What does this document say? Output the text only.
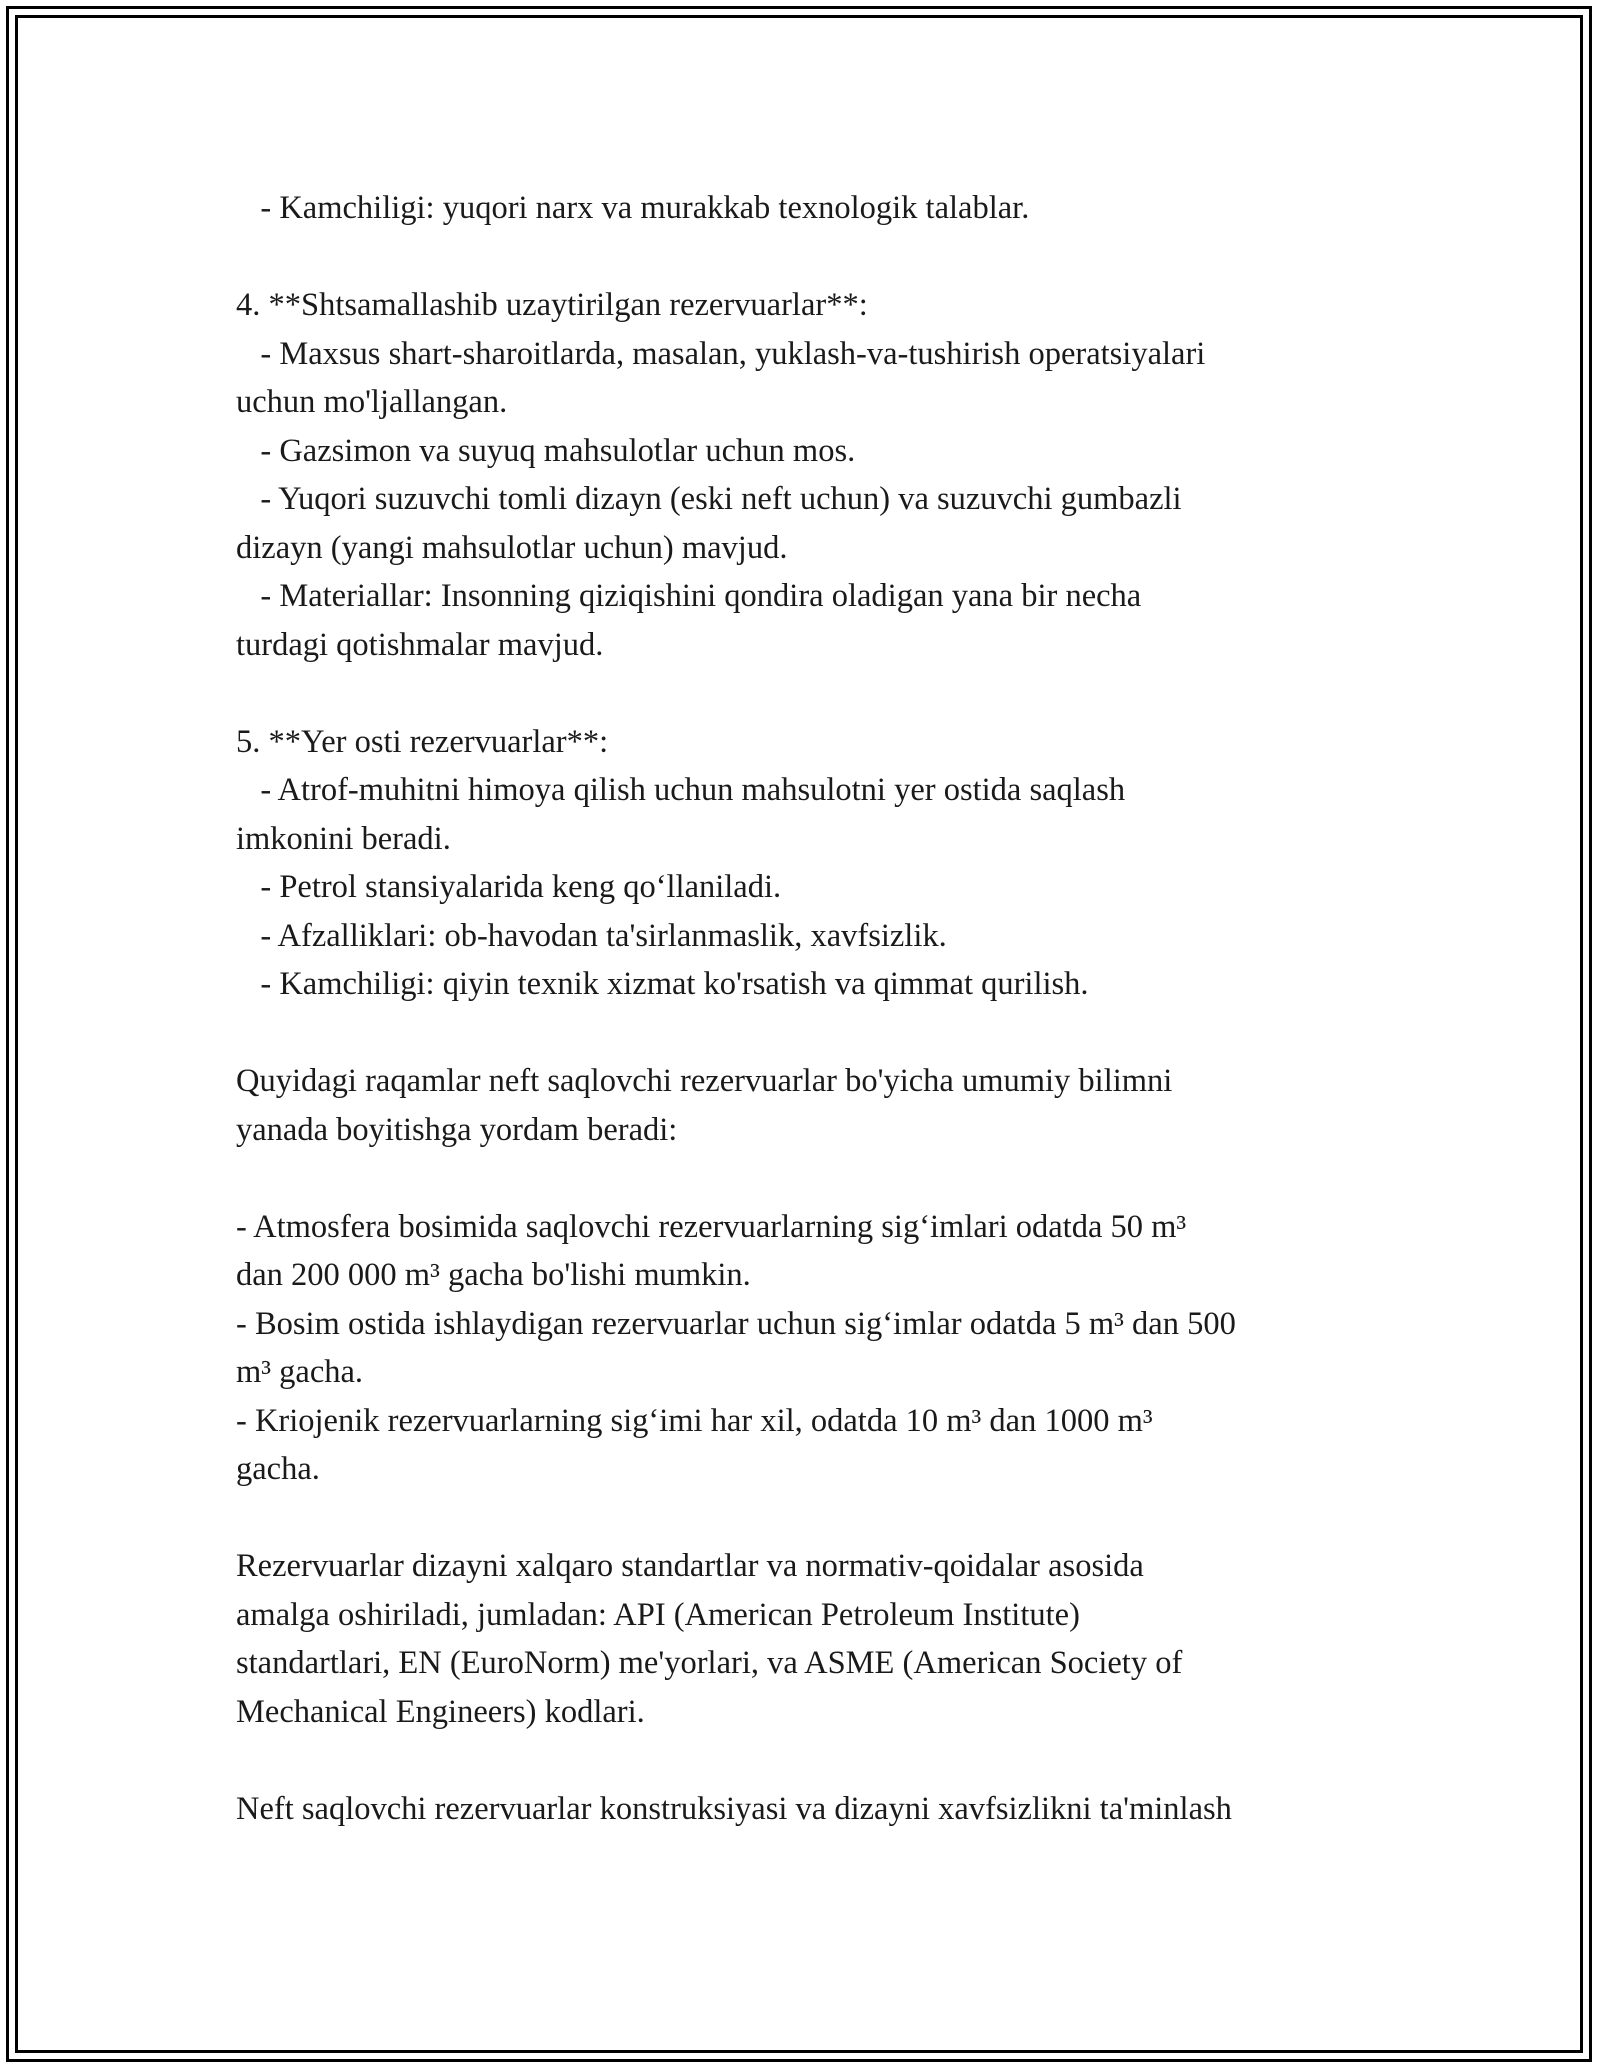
- Kamchiligi: yuqori narx va murakkab texnologik talablar.
4. **Shtsamallashib uzaytirilgan rezervuarlar**:
- Maxsus shart-sharoitlarda, masalan, yuklash-va-tushirish operatsiyalari
uchun mo'ljallangan.
- Gazsimon va suyuq mahsulotlar uchun mos.
- Yuqori suzuvchi tomli dizayn (eski neft uchun) va suzuvchi gumbazli
dizayn (yangi mahsulotlar uchun) mavjud.
- Materiallar: Insonning qiziqishini qondira oladigan yana bir necha
turdagi qotishmalar mavjud.
5. **Yer osti rezervuarlar**:
- Atrof-muhitni himoya qilish uchun mahsulotni yer ostida saqlash
imkonini beradi.
- Petrol stansiyalarida keng qo‘llaniladi.
- Afzalliklari: ob-havodan ta'sirlanmaslik, xavfsizlik.
- Kamchiligi: qiyin texnik xizmat ko'rsatish va qimmat qurilish.
Quyidagi raqamlar neft saqlovchi rezervuarlar bo'yicha umumiy bilimni
yanada boyitishga yordam beradi:
- Atmosfera bosimida saqlovchi rezervuarlarning sig‘imlari odatda 50 m³
dan 200 000 m³ gacha bo'lishi mumkin.
- Bosim ostida ishlaydigan rezervuarlar uchun sig‘imlar odatda 5 m³ dan 500
m³ gacha.
- Kriojenik rezervuarlarning sig‘imi har xil, odatda 10 m³ dan 1000 m³
gacha.
Rezervuarlar dizayni xalqaro standartlar va normativ-qoidalar asosida
amalga oshiriladi, jumladan: API (American Petroleum Institute)
standartlari, EN (EuroNorm) me'yorlari, va ASME (American Society of
Mechanical Engineers) kodlari.
Neft saqlovchi rezervuarlar konstruksiyasi va dizayni xavfsizlikni ta'minlash
